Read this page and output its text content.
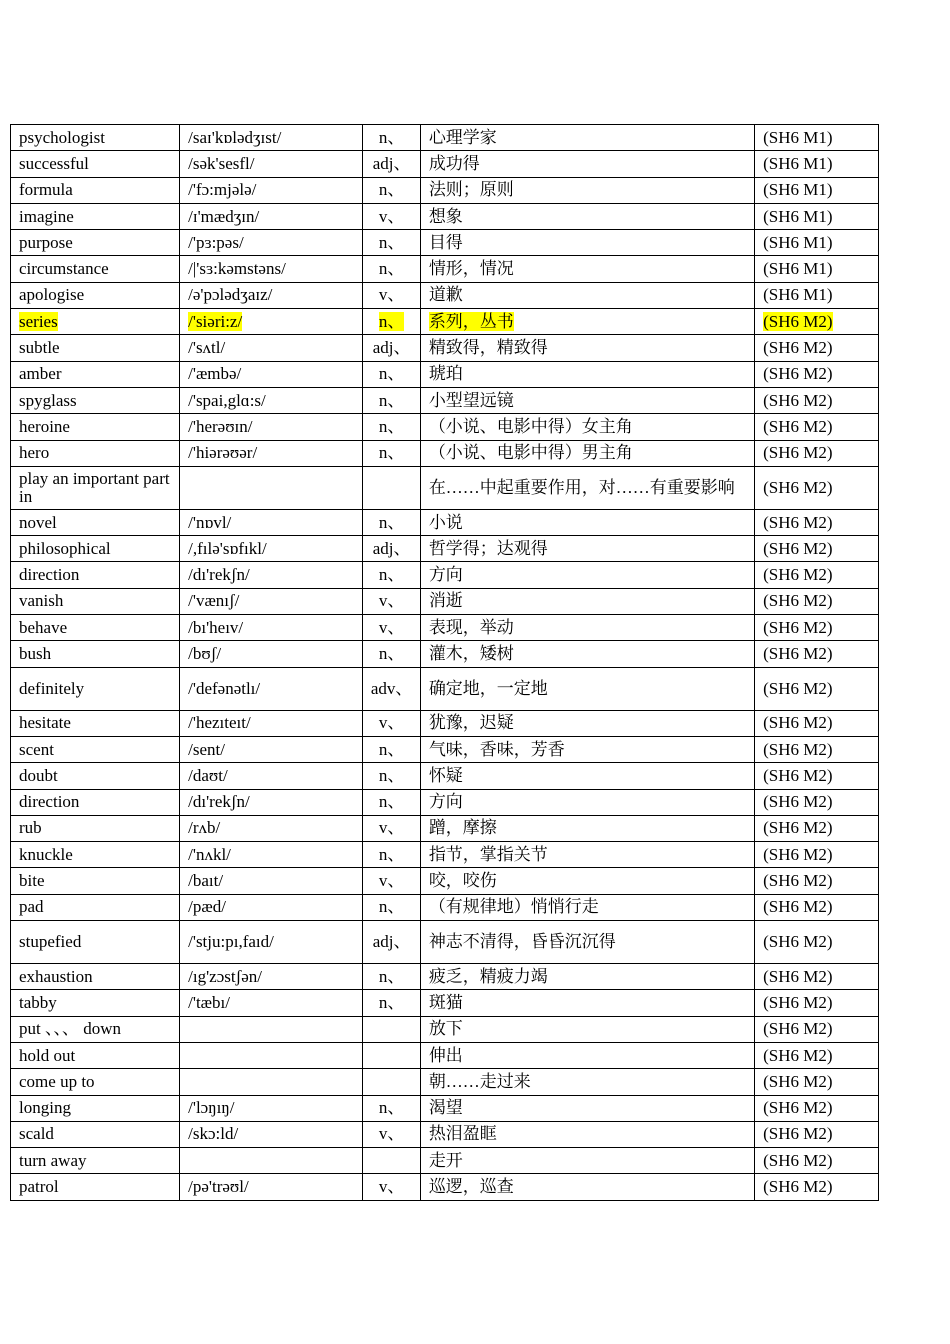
psychologist	/saɪ'kɒlədʒɪst/	n、	心理学家	(SH6 M1)
successful	/sək'sesfl/	adj、	成功得	(SH6 M1)
formula	/'fɔ:mjələ/	n、	法则；原则	(SH6 M1)
imagine	/ɪ'mædʒɪn/	v、	想象	(SH6 M1)
purpose	/'pɜ:pəs/	n、	目得	(SH6 M1)
circumstance	/|'sɜ:kəmstəns/	n、	情形，情况	(SH6 M1)
apologise	/ə'pɔlədʒaɪz/	v、	道歉	(SH6 M1)
series	/'siəri:z/	n、	系列，丛书	(SH6 M2)
subtle	/'sʌtl/	adj、	精致得，精致得	(SH6 M2)
amber	/'æmbə/	n、	琥珀	(SH6 M2)
spyglass	/'spai,glɑ:s/	n、	小型望远镜	(SH6 M2)
heroine	/'herəʊɪn/	n、	（小说、电影中得）女主角	(SH6 M2)
hero	/'hiərəʊər/	n、	（小说、电影中得）男主角	(SH6 M2)
play an important part in			在……中起重要作用，对……有重要影响	(SH6 M2)
novel	/'nɒvl/	n、	小说	(SH6 M2)
philosophical	/,fılə'sɒfıkl/	adj、	哲学得；达观得	(SH6 M2)
direction	/dı'rekʃn/	n、	方向	(SH6 M2)
vanish	/'vænıʃ/	v、	消逝	(SH6 M2)
behave	/bı'heıv/	v、	表现，举动	(SH6 M2)
bush	/bʊʃ/	n、	灌木，矮树	(SH6 M2)
definitely	/'defənətlı/	adv、	确定地，一定地	(SH6 M2)
hesitate	/'hezıteıt/	v、	犹豫，迟疑	(SH6 M2)
scent	/sent/	n、	气味，香味，芳香	(SH6 M2)
doubt	/daʊt/	n、	怀疑	(SH6 M2)
direction	/dı'rekʃn/	n、	方向	(SH6 M2)
rub	/rʌb/	v、	蹭，摩擦	(SH6 M2)
knuckle	/'nʌkl/	n、	指节，掌指关节	(SH6 M2)
bite	/baıt/	v、	咬，咬伤	(SH6 M2)
pad	/pæd/	n、	（有规律地）悄悄行走	(SH6 M2)
stupefied	/'stju:pı,faıd/	adj、	神志不清得，昏昏沉沉得	(SH6 M2)
exhaustion	/ıg'zɔstʃən/	n、	疲乏，精疲力竭	(SH6 M2)
tabby	/'tæbı/	n、	斑猫	(SH6 M2)
put 、、、 down			放下	(SH6 M2)
hold out			伸出	(SH6 M2)
come up to			朝……走过来	(SH6 M2)
longing	/'lɔŋıŋ/	n、	渴望	(SH6 M2)
scald	/skɔ:ld/	v、	热泪盈眶	(SH6 M2)
turn away			走开	(SH6 M2)
patrol	/pə'trəʊl/	v、	巡逻，巡查	(SH6 M2)
